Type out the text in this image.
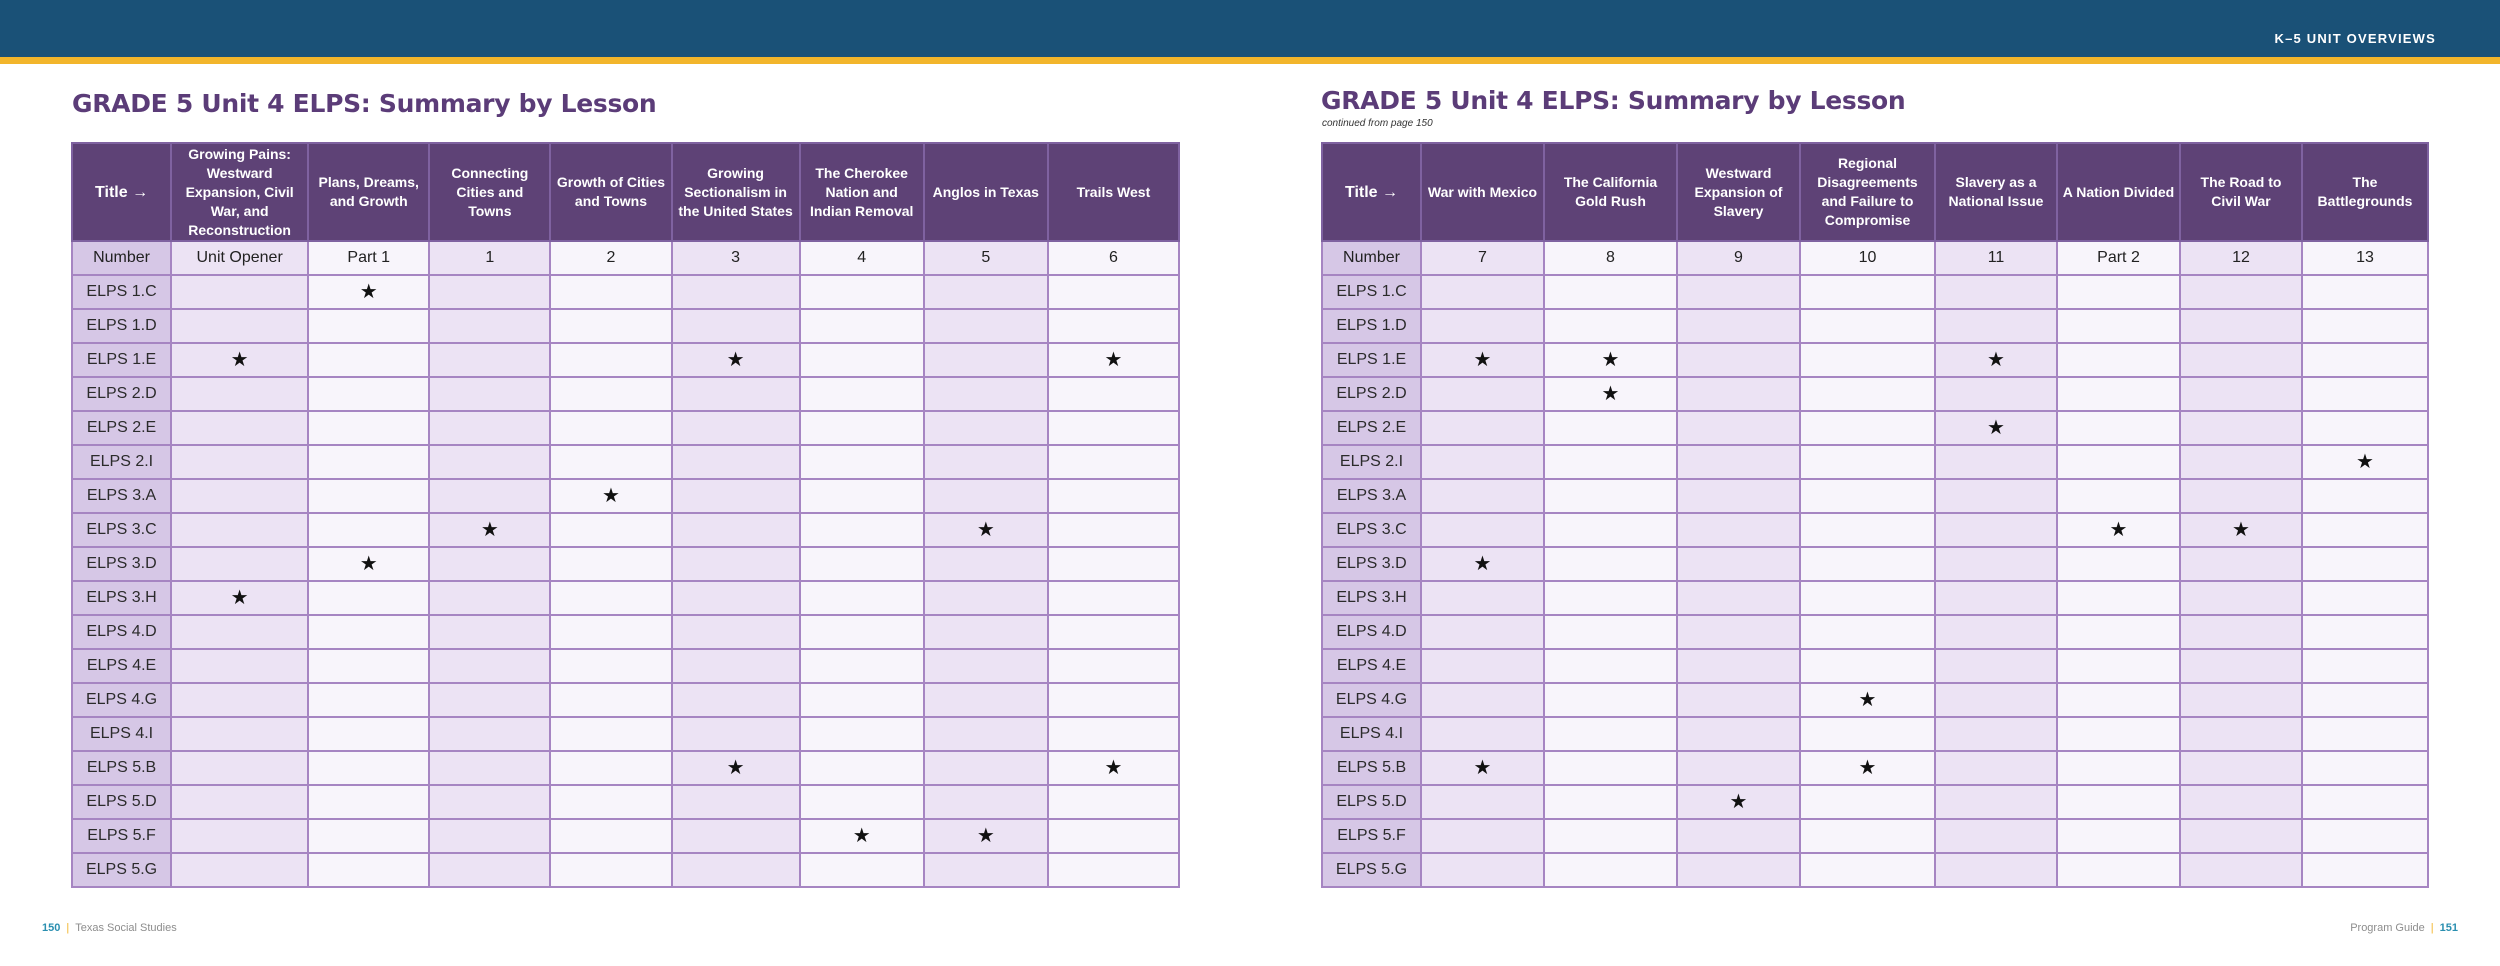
K–5 UNIT OVERVIEWS
GRADE 5 Unit 4 ELPS: Summary by Lesson	GRADE 5 Unit 4 ELPS: Summary by Lesson
continued from page 150
Title →	Growing Pains: Westward Expansion, Civil War, and Reconstruction	Plans, Dreams, and Growth	Connecting Cities and Towns	Growth of Cities and Towns	Growing Sectionalism in the United States	The Cherokee Nation and Indian Removal	Anglos in Texas	Trails West
Number	Unit Opener	Part 1	1	2	3	4	5	6
ELPS 1.C		★						
ELPS 1.D								
ELPS 1.E	★				★			★
ELPS 2.D								
ELPS 2.E								
ELPS 2.I								
ELPS 3.A				★				
ELPS 3.C			★				★	
ELPS 3.D		★						
ELPS 3.H	★							
ELPS 4.D								
ELPS 4.E								
ELPS 4.G								
ELPS 4.I								
ELPS 5.B					★			★
ELPS 5.D								
ELPS 5.F						★	★	
ELPS 5.G								
Title →	War with Mexico	The California Gold Rush	Westward Expansion of Slavery	Regional Disagreements and Failure to Compromise	Slavery as a National Issue	A Nation Divided	The Road to Civil War	The Battlegrounds
Number	7	8	9	10	11	Part 2	12	13
ELPS 1.C								
ELPS 1.D								
ELPS 1.E	★	★			★			
ELPS 2.D		★						
ELPS 2.E					★			
ELPS 2.I								★
ELPS 3.A								
ELPS 3.C						★	★	
ELPS 3.D	★							
ELPS 3.H								
ELPS 4.D								
ELPS 4.E								
ELPS 4.G				★				
ELPS 4.I								
ELPS 5.B	★			★				
ELPS 5.D			★					
ELPS 5.F								
ELPS 5.G								
150 | Texas Social Studies	Program Guide | 151
